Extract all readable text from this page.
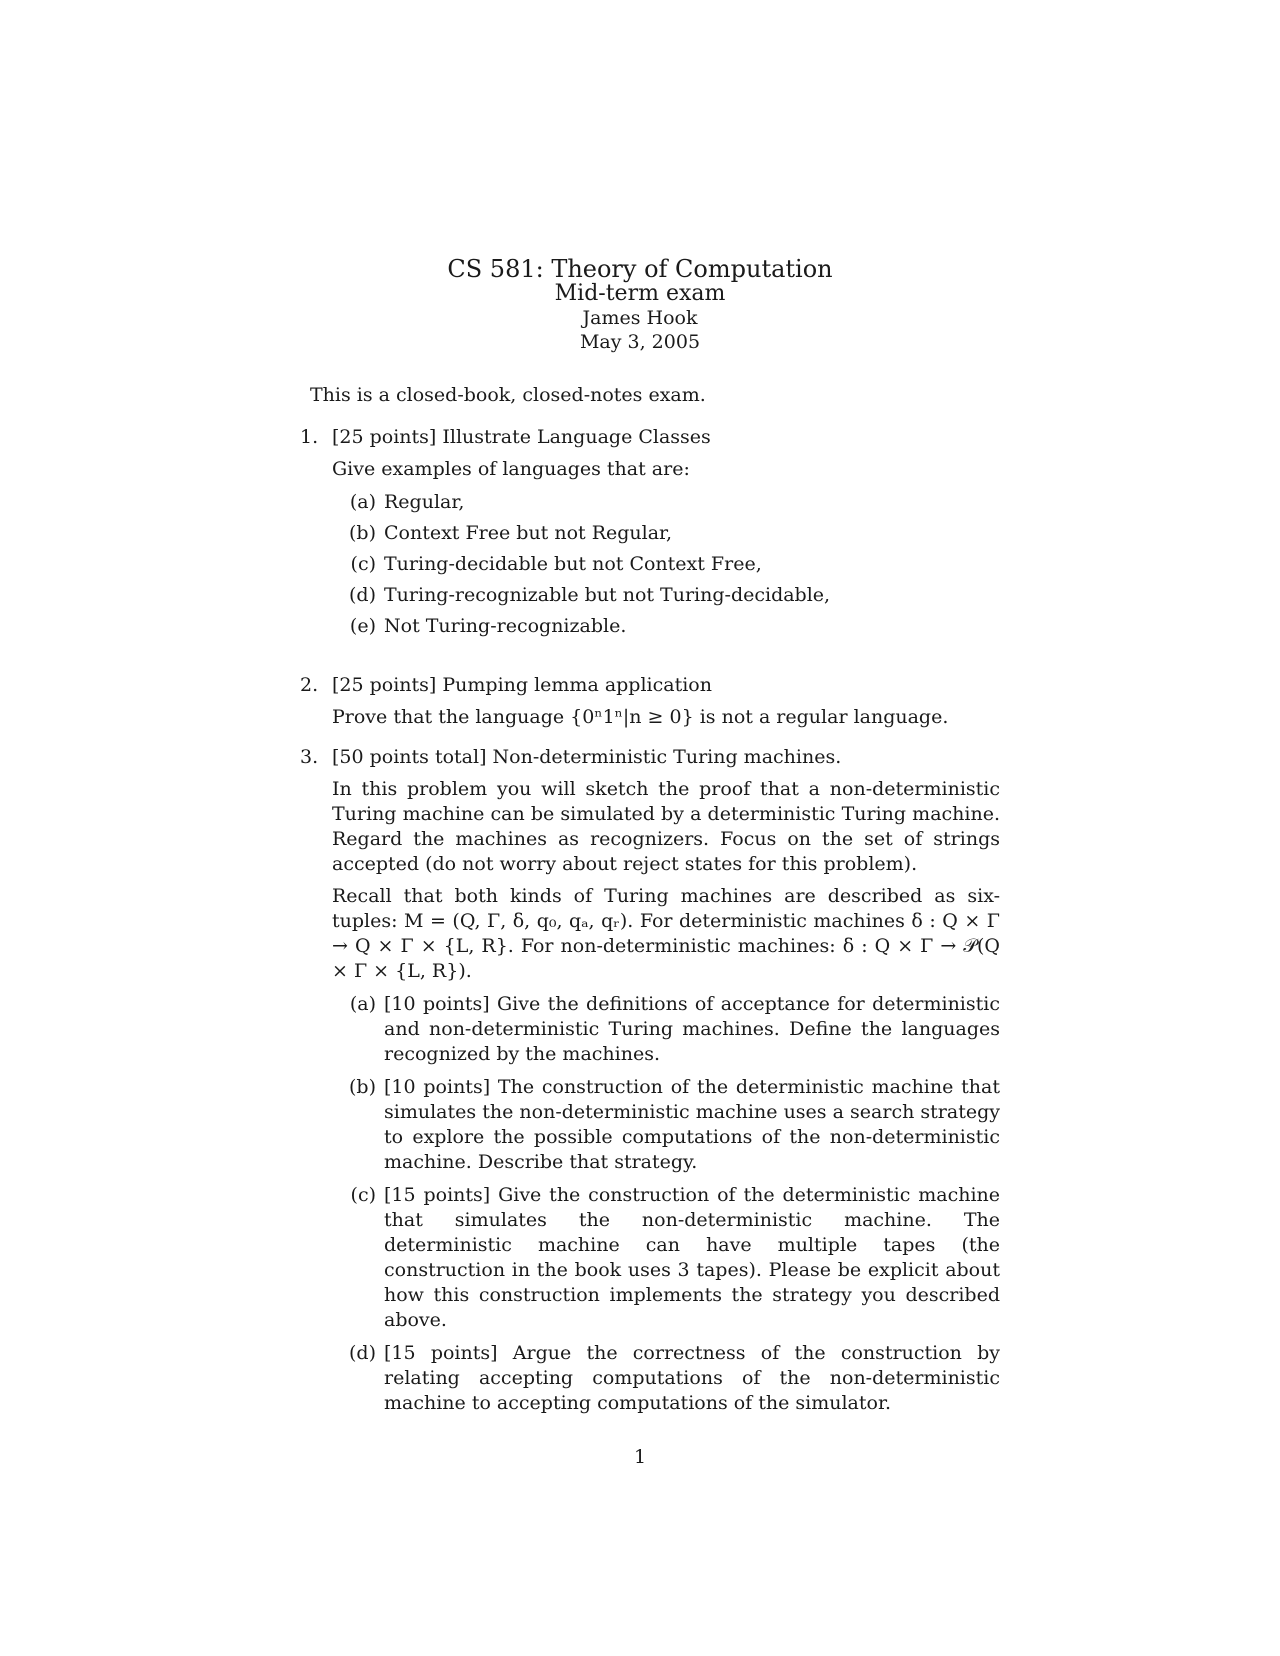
CS 581: Theory of Computation
Mid-term exam
James Hook
May 3, 2005
This is a closed-book, closed-notes exam.
1. [25 points] Illustrate Language Classes

Give examples of languages that are:

(a) Regular,
(b) Context Free but not Regular,
(c) Turing-decidable but not Context Free,
(d) Turing-recognizable but not Turing-decidable,
(e) Not Turing-recognizable.
2. [25 points] Pumping lemma application

Prove that the language {0ⁿ1ⁿ|n ≥ 0} is not a regular language.

3. [50 points total] Non-deterministic Turing machines.

In this problem you will sketch the proof that a non-deterministic Turing machine can be simulated by a deterministic Turing machine. Regard the machines as recognizers. Focus on the set of strings accepted (do not worry about reject states for this problem).

Recall that both kinds of Turing machines are described as six-tuples: M = (Q, Γ, δ, q₀, qₐ, qᵣ). For deterministic machines δ : Q × Γ → Q × Γ × {L, R}. For non-deterministic machines: δ : Q × Γ → 𝒫(Q × Γ × {L, R}).

(a) [10 points] Give the definitions of acceptance for deterministic and non-deterministic Turing machines. Define the languages recognized by the machines.
(b) [10 points] The construction of the deterministic machine that simulates the non-deterministic machine uses a search strategy to explore the possible computations of the non-deterministic machine. Describe that strategy.
(c) [15 points] Give the construction of the deterministic machine that simulates the non-deterministic machine. The deterministic machine can have multiple tapes (the construction in the book uses 3 tapes). Please be explicit about how this construction implements the strategy you described above.
(d) [15 points] Argue the correctness of the construction by relating accepting computations of the non-deterministic machine to accepting computations of the simulator.
1
